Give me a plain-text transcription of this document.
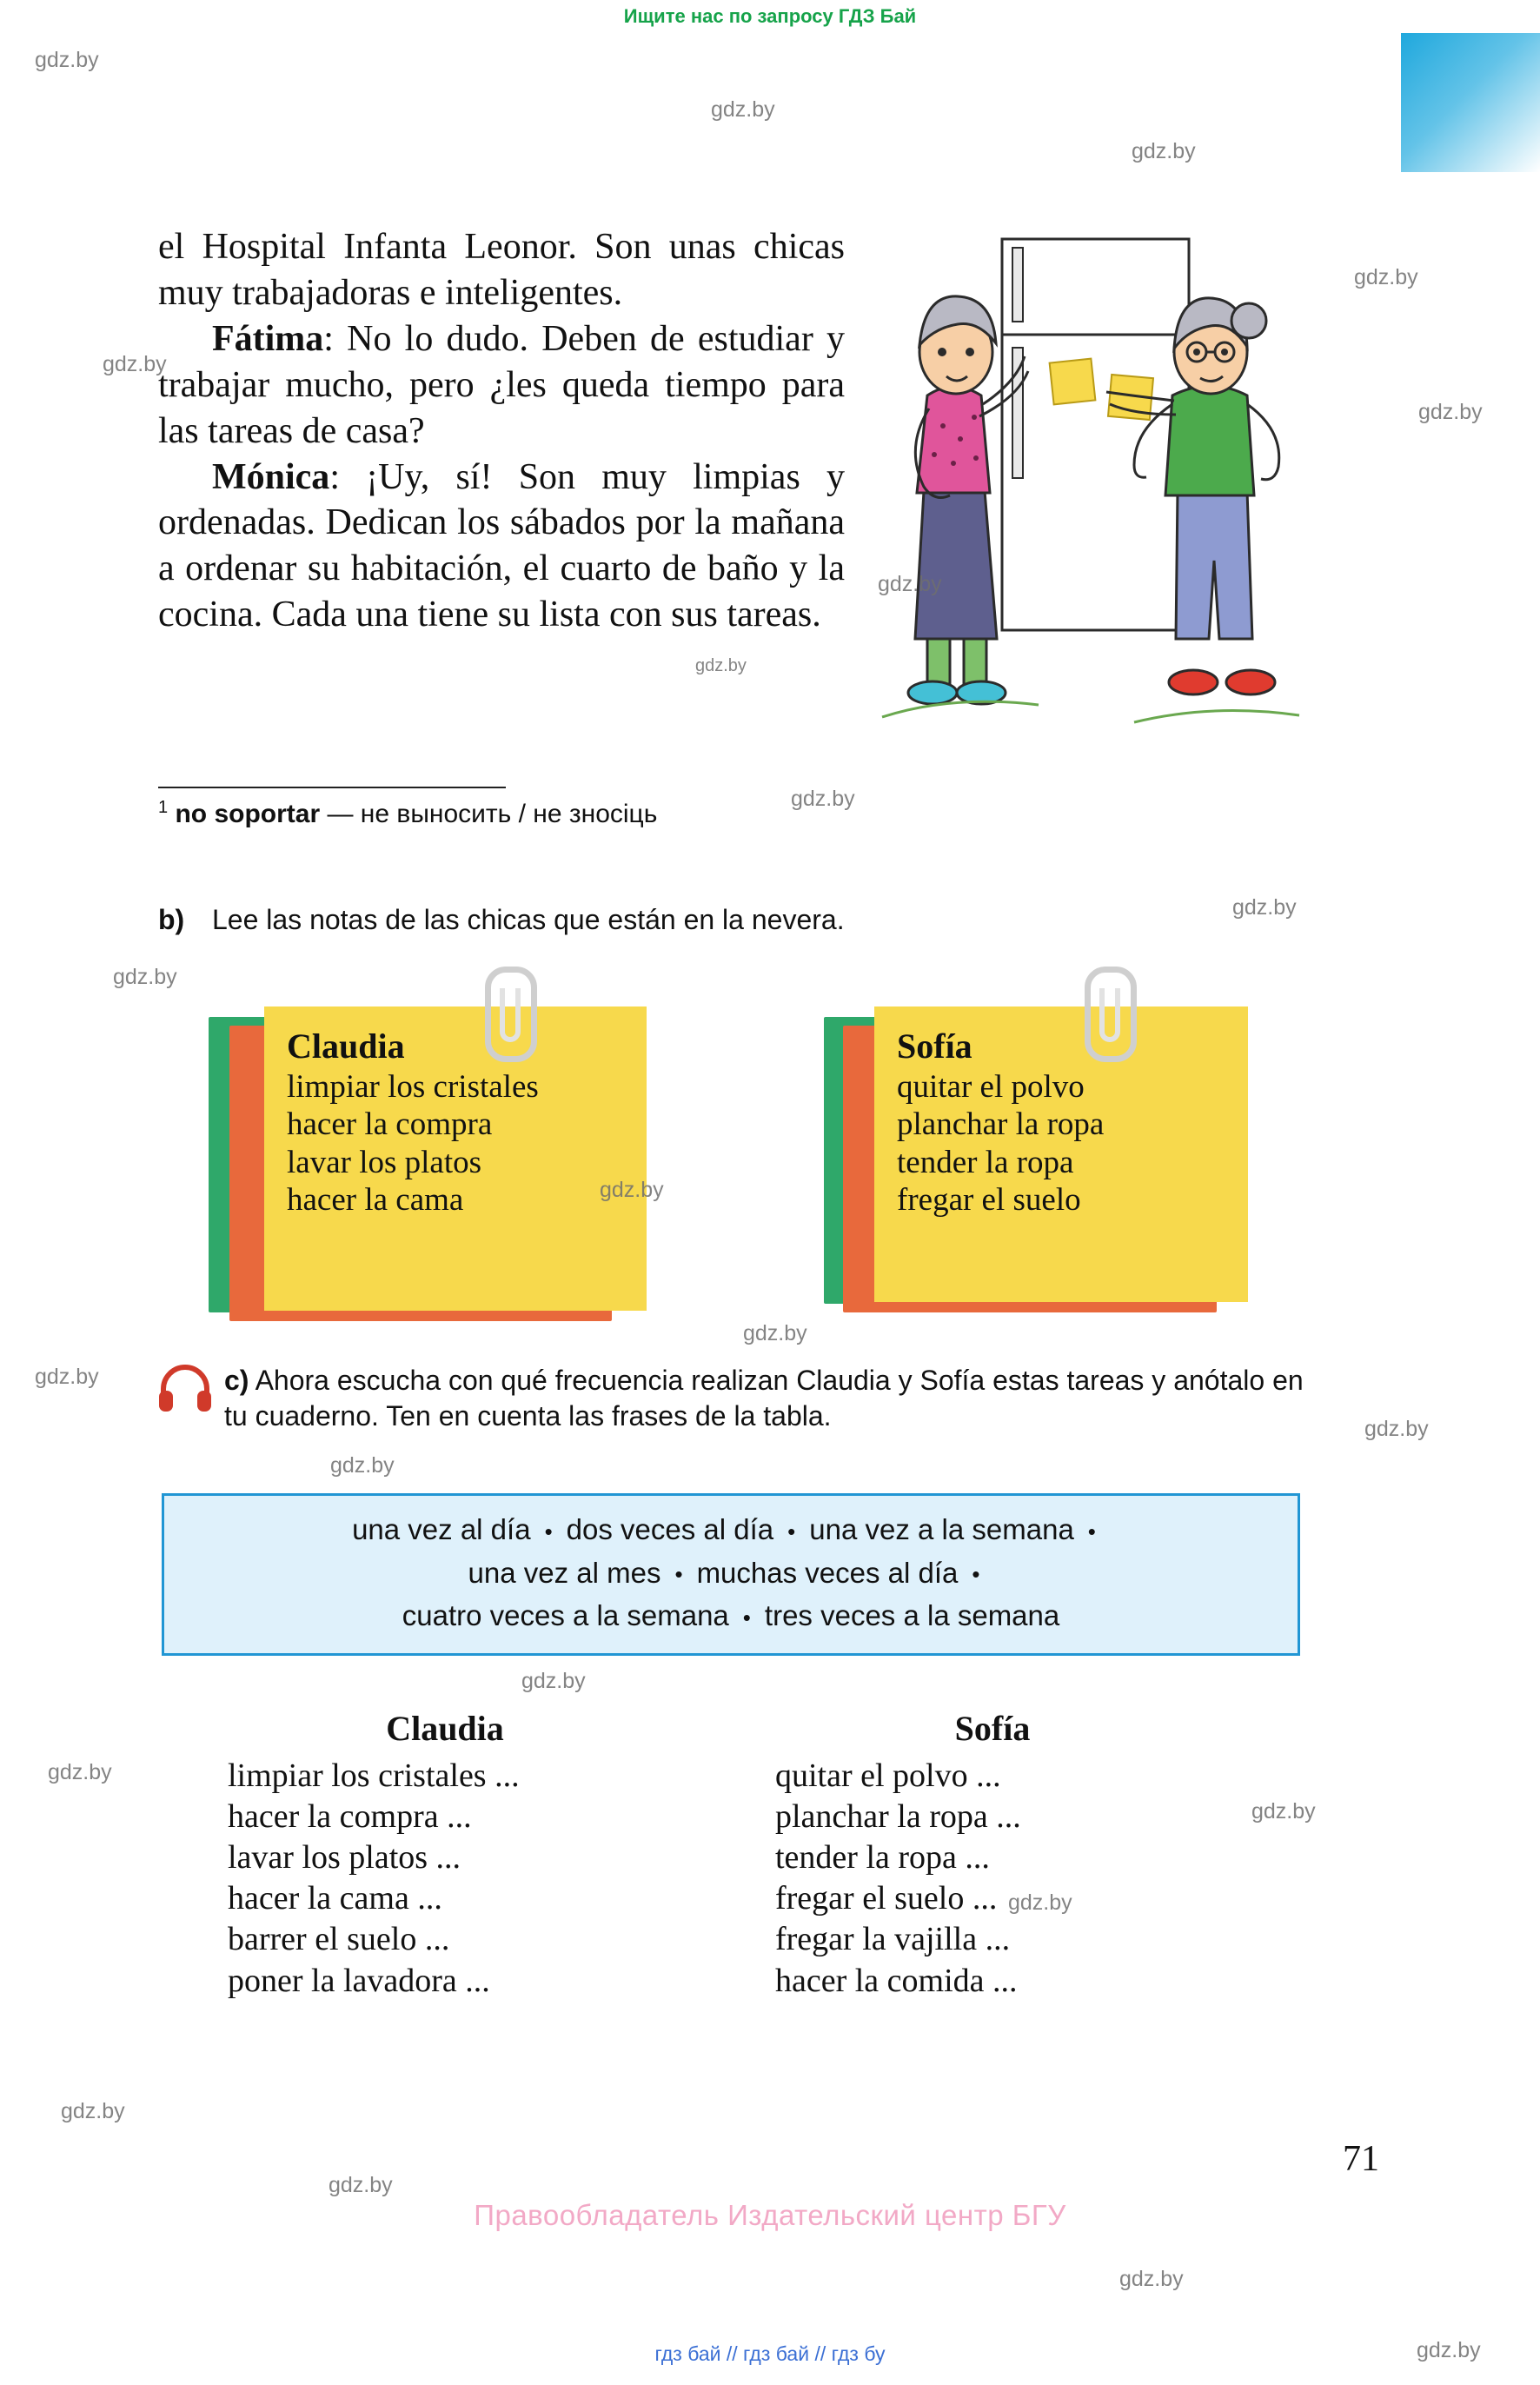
Ищите нас по запросу ГДЗ Бай

el Hospital Infanta Leonor. Son unas chicas muy trabajadoras e inteligentes.

Fátima: No lo dudo. Deben de estudiar y trabajar mucho, pero ¿les queda tiempo para las tareas de casa?

Mónica: ¡Uy, sí! Son muy limpias y ordenadas. Dedican los sábados por la mañana a ordenar su habitación, el cuarto de baño y la cocina. Cada una tiene su lista con sus tareas.

$^1$ no soportar — не выносить / не зносіць
b) Lee las notas de las chicas que están en la nevera.
Claudia
limpiar los cristales
hacer la compra
lavar los platos
hacer la cama
Sofía
quitar el polvo
planchar la ropa
tender la ropa
fregar el suelo
c) Ahora escucha con qué frecuencia realizan Claudia y Sofía estas tareas y anótalo en tu cuaderno. Ten en cuenta las frases de la tabla.
una vez al día • dos veces al día • una vez a la semana •
una vez al mes • muchas veces al día •
cuatro veces a la semana • tres veces a la semana
Claudia
limpiar los cristales ...
hacer la compra ...
lavar los platos ...
hacer la cama ...
barrer el suelo ...
poner la lavadora ...
Sofía
quitar el polvo ...
planchar la ropa ...
tender la ropa ...
fregar el suelo ...
fregar la vajilla ...
hacer la comida ...
71
Правообладатель Издательский центр БГУ
гдз бай // гдз бай // гдз бу
gdz.by
gdz.by
gdz.by
gdz.by
gdz.by
gdz.by
gdz.by
gdz.by
gdz.by
gdz.by
gdz.by
gdz.by
gdz.by
gdz.by
gdz.by
gdz.by
gdz.by
gdz.by
gdz.by
gdz.by
gdz.by
gdz.by
gdz.by
gdz.by
